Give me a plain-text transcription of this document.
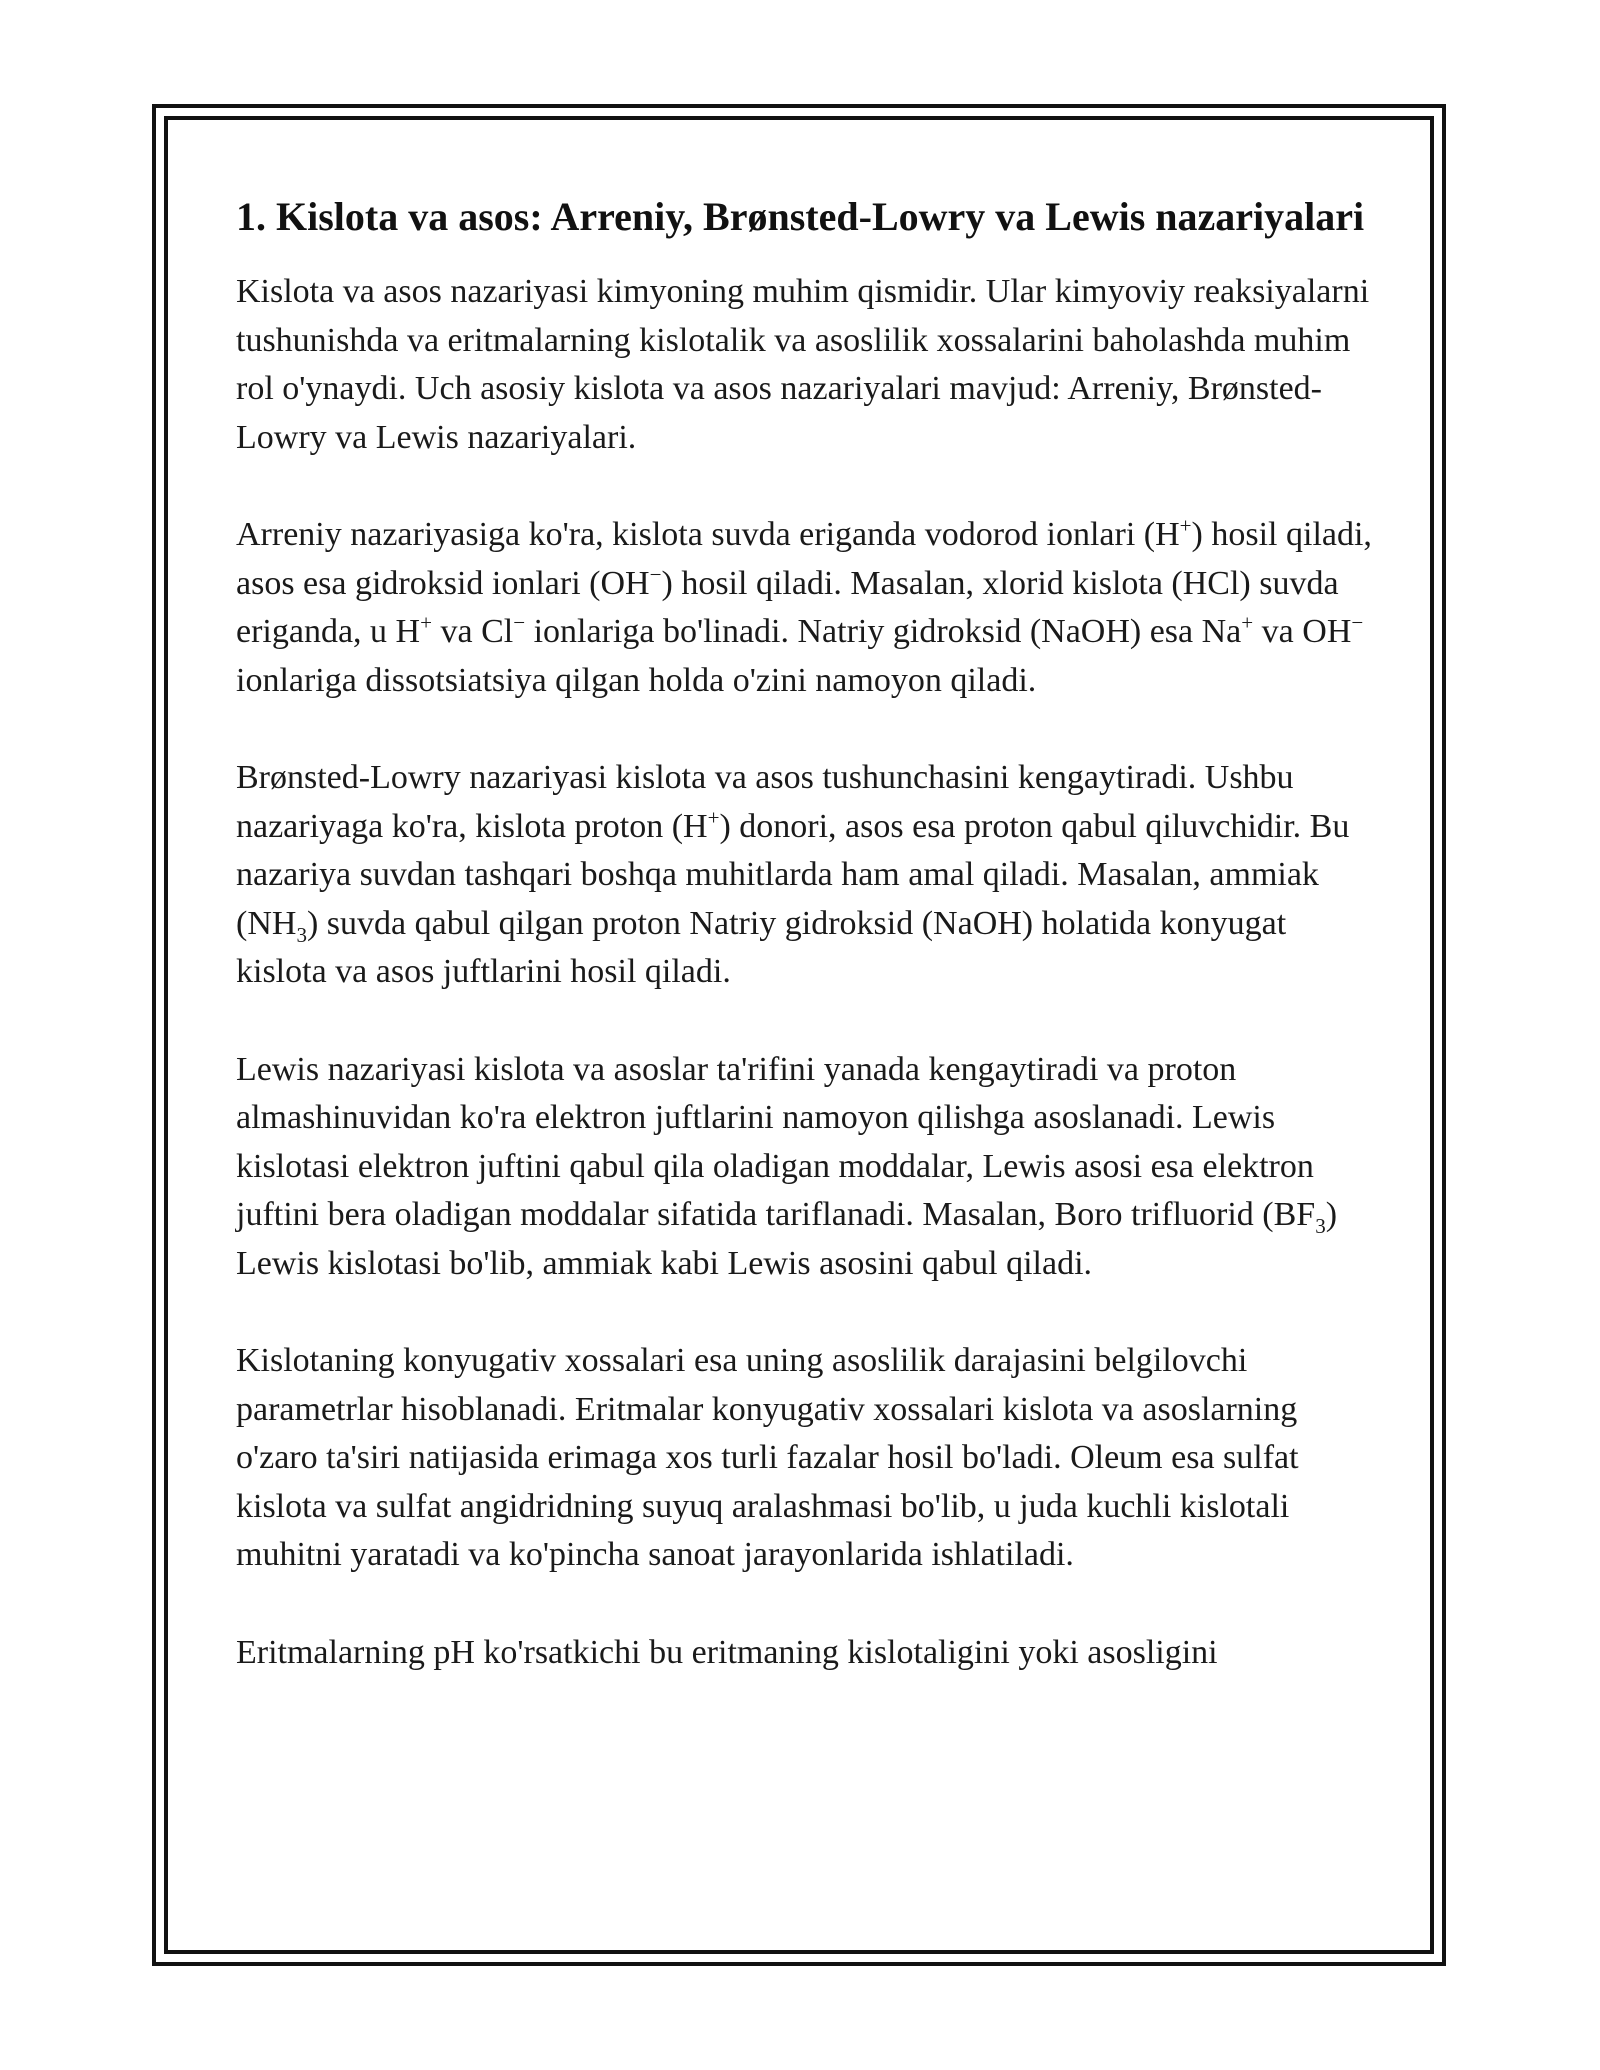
1. Kislota va asos: Arreniy, Brønsted-Lowry va Lewis nazariyalari

Kislota va asos nazariyasi kimyoning muhim qismidir. Ular kimyoviy reaksiyalarni tushunishda va eritmalarning kislotalik va asoslilik xossalarini baholashda muhim rol o'ynaydi. Uch asosiy kislota va asos nazariyalari mavjud: Arreniy, Brønsted-Lowry va Lewis nazariyalari.

Arreniy nazariyasiga ko'ra, kislota suvda eriganda vodorod ionlari (H+) hosil qiladi, asos esa gidroksid ionlari (OH−) hosil qiladi. Masalan, xlorid kislota (HCl) suvda eriganda, u H+ va Cl− ionlariga bo'linadi. Natriy gidroksid (NaOH) esa Na+ va OH− ionlariga dissotsiatsiya qilgan holda o'zini namoyon qiladi.

Brønsted-Lowry nazariyasi kislota va asos tushunchasini kengaytiradi. Ushbu nazariyaga ko'ra, kislota proton (H+) donori, asos esa proton qabul qiluvchidir. Bu nazariya suvdan tashqari boshqa muhitlarda ham amal qiladi. Masalan, ammiak $(NH_3)$ suvda qabul qilgan proton Natriy gidroksid (NaOH) holatida konyugat kislota va asos juftlarini hosil qiladi.

Lewis nazariyasi kislota va asoslar ta'rifini yanada kengaytiradi va proton almashinuvidan ko'ra elektron juftlarini namoyon qilishga asoslanadi. Lewis kislotasi elektron juftini qabul qila oladigan moddalar, Lewis asosi esa elektron juftini bera oladigan moddalar sifatida tariflanadi. Masalan, Boro trifluorid $(BF_3)$ Lewis kislotasi bo'lib, ammiak kabi Lewis asosini qabul qiladi.

Kislotaning konyugativ xossalari esa uning asoslilik darajasini belgilovchi parametrlar hisoblanadi. Eritmalar konyugativ xossalari kislota va asoslarning o'zaro ta'siri natijasida erimaga xos turli fazalar hosil bo'ladi. Oleum esa sulfat kislota va sulfat angidridning suyuq aralashmasi bo'lib, u juda kuchli kislotali muhitni yaratadi va ko'pincha sanoat jarayonlarida ishlatiladi.

Eritmalarning pH ko'rsatkichi bu eritmaning kislotaligini yoki asosligini
